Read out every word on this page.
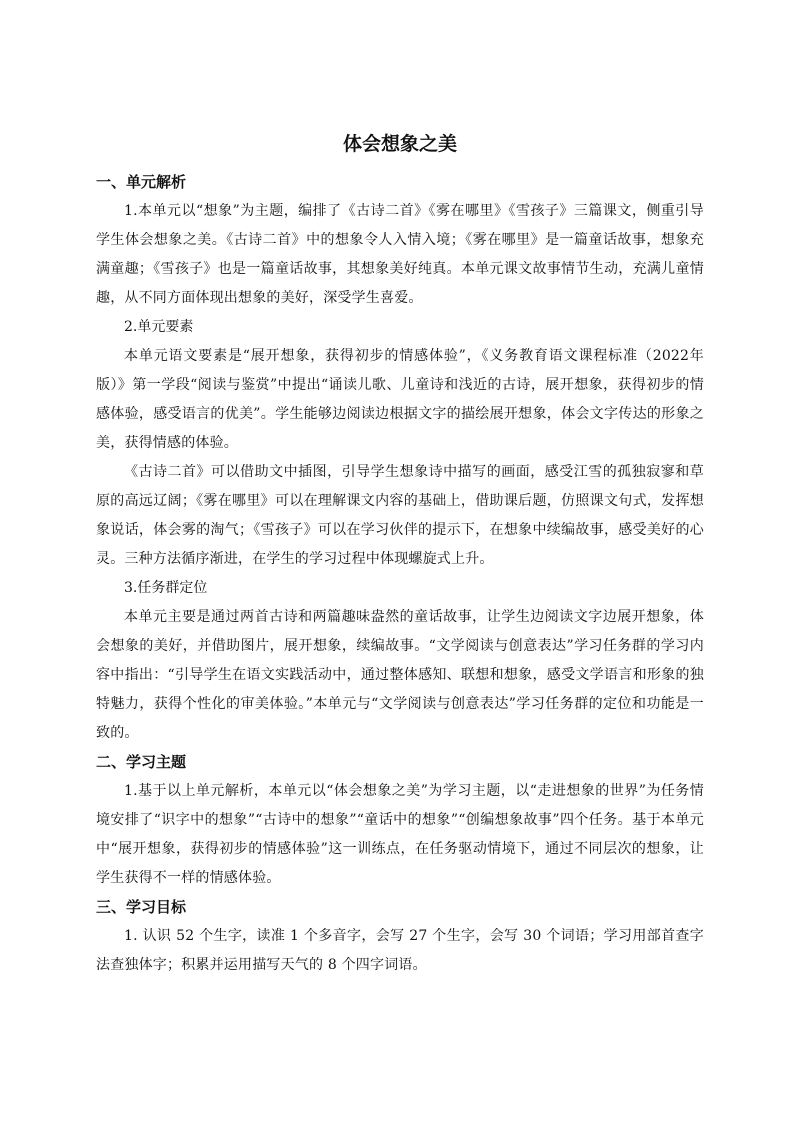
体会想象之美
一、单元解析

1.本单元以“想象”为主题，编排了《古诗二首》《雾在哪里》《雪孩子》三篇课文，侧重引导学生体会想象之美。《古诗二首》中的想象令人入情入境；《雾在哪里》是一篇童话故事，想象充满童趣；《雪孩子》也是一篇童话故事，其想象美好纯真。本单元课文故事情节生动，充满儿童情趣，从不同方面体现出想象的美好，深受学生喜爱。

2.单元要素

本单元语文要素是“展开想象，获得初步的情感体验”，《义务教育语文课程标准（2022年版）》第一学段“阅读与鉴赏”中提出“诵读儿歌、儿童诗和浅近的古诗，展开想象，获得初步的情感体验，感受语言的优美”。学生能够边阅读边根据文字的描绘展开想象，体会文字传达的形象之美，获得情感的体验。

《古诗二首》可以借助文中插图，引导学生想象诗中描写的画面，感受江雪的孤独寂寥和草原的高远辽阔；《雾在哪里》可以在理解课文内容的基础上，借助课后题，仿照课文句式，发挥想象说话，体会雾的淘气；《雪孩子》可以在学习伙伴的提示下，在想象中续编故事，感受美好的心灵。三种方法循序渐进，在学生的学习过程中体现螺旋式上升。

3.任务群定位

本单元主要是通过两首古诗和两篇趣味盎然的童话故事，让学生边阅读文字边展开想象，体会想象的美好，并借助图片，展开想象，续编故事。“文学阅读与创意表达”学习任务群的学习内容中指出：“引导学生在语文实践活动中，通过整体感知、联想和想象，感受文学语言和形象的独特魅力，获得个性化的审美体验。”本单元与“文学阅读与创意表达”学习任务群的定位和功能是一致的。

二、学习主题

1.基于以上单元解析，本单元以“体会想象之美”为学习主题，以“走进想象的世界”为任务情境安排了“识字中的想象”“古诗中的想象”“童话中的想象”“创编想象故事”四个任务。基于本单元中“展开想象，获得初步的情感体验”这一训练点，在任务驱动情境下，通过不同层次的想象，让学生获得不一样的情感体验。

三、学习目标

1. 认识 52 个生字，读准 1 个多音字，会写 27 个生字，会写 30 个词语；学习用部首查字法查独体字；积累并运用描写天气的 8 个四字词语。
